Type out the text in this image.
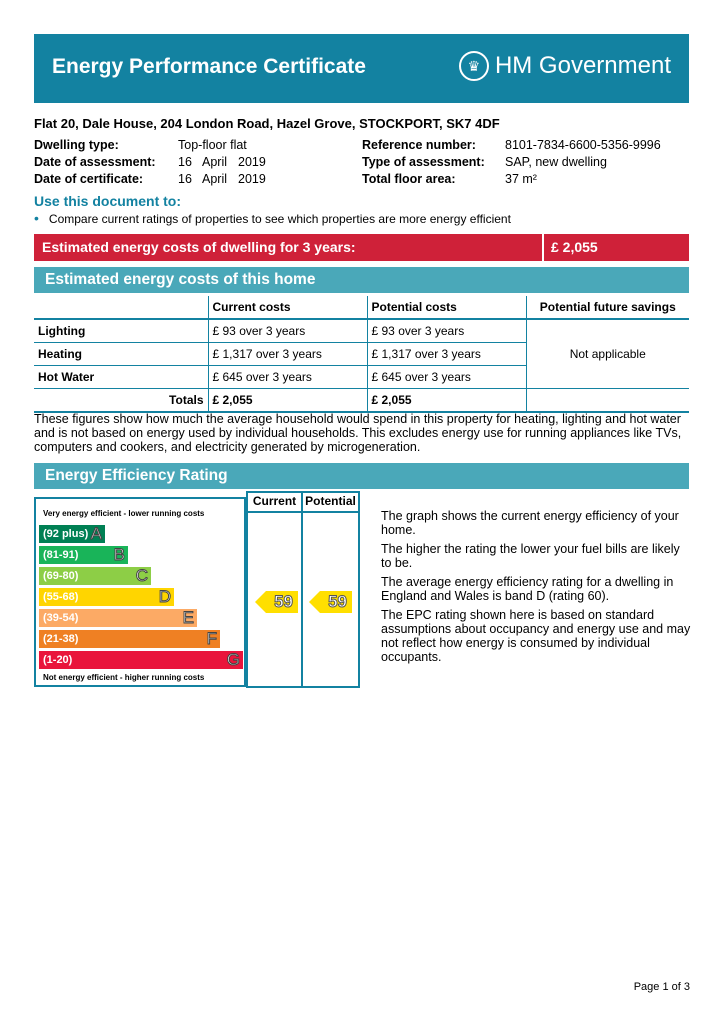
Energy Performance Certificate	♛ HM Government
Flat 20, Dale House, 204 London Road, Hazel Grove, STOCKPORT, SK7 4DF
Dwelling type:	Top-floor flat	Reference number: 8101-7834-6600-5356-9996
Date of assessment: 16 April 2019	Type of assessment: SAP, new dwelling
Date of certificate:	16 April 2019	Total floor area:	37 m²
Use this document to:
• Compare current ratings of properties to see which properties are more energy efficient
Estimated energy costs of dwelling for 3 years:	£ 2,055
Estimated energy costs of this home
	Current costs	Potential costs	Potential future savings
Lighting	£ 93 over 3 years	£ 93 over 3 years	Not applicable
Heating	£ 1,317 over 3 years	£ 1,317 over 3 years	
Hot Water	£ 645 over 3 years	£ 645 over 3 years	
Totals	£ 2,055	£ 2,055	
These figures show how much the average household would spend in this property for heating, lighting and hot water and is not based on energy used by individual households. This excludes energy use for running appliances like TVs, computers and cookers, and electricity generated by microgeneration.
Energy Efficiency Rating
Very energy efficient - lower running costs
(92 plus) A
(81-91) B
(69-80)	C
(55-68)	D
(39-54)	E
(21-38)	F
(1-20)	G
Not energy efficient - higher running costs
Current
59
Potential
59

The graph shows the current energy efficiency of your home.

The higher the rating the lower your fuel bills are likely to be.

The average energy efficiency rating for a dwelling in England and Wales is band D (rating 60).

The EPC rating shown here is based on standard assumptions about occupancy and energy use and may not reflect how energy is consumed by individual occupants.

Page 1 of 3
